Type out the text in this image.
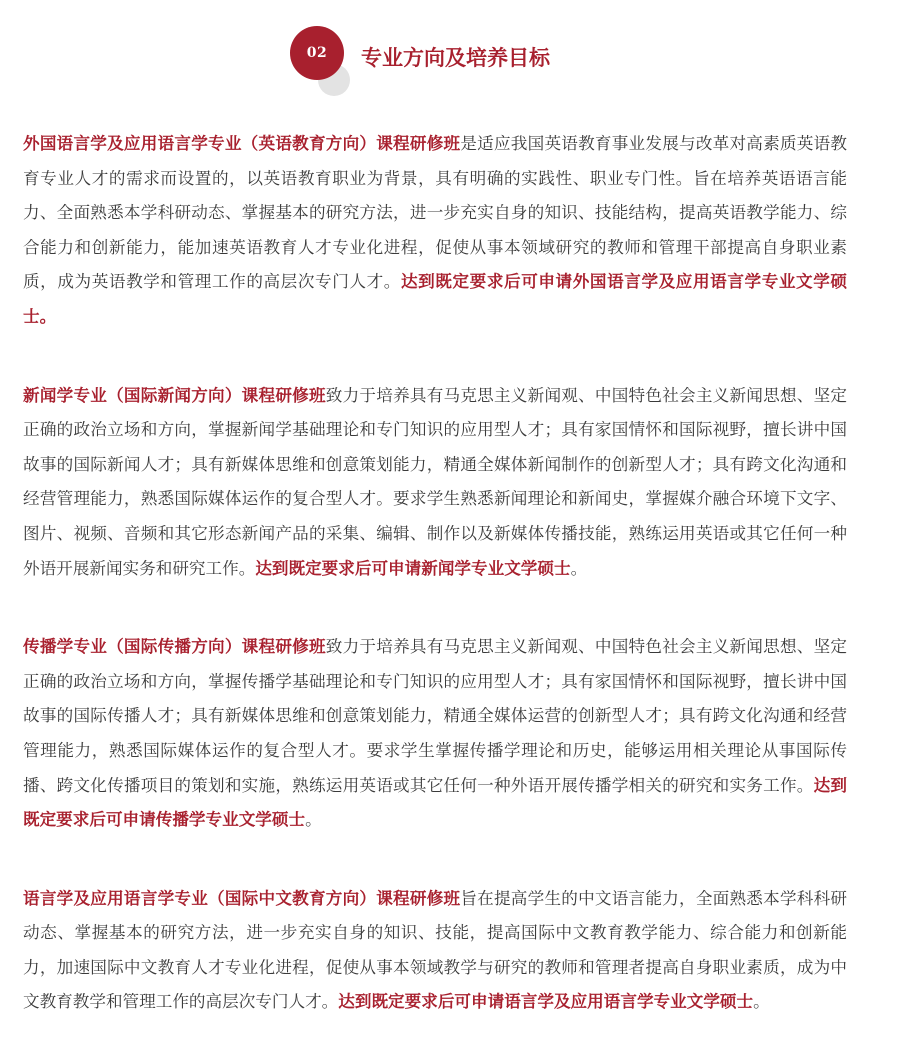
02	专业方向及培养目标

外国语言学及应用语言学专业（英语教育方向）课程研修班是适应我国英语教育事业发展与改革对高素质英语教育专业人才的需求而设置的，以英语教育职业为背景，具有明确的实践性、职业专门性。旨在培养英语语言能力、全面熟悉本学科研动态、掌握基本的研究方法，进一步充实自身的知识、技能结构，提高英语教学能力、综合能力和创新能力，能加速英语教育人才专业化进程，促使从事本领域研究的教师和管理干部提高自身职业素质，成为英语教学和管理工作的高层次专门人才。达到既定要求后可申请外国语言学及应用语言学专业文学硕士。

新闻学专业（国际新闻方向）课程研修班致力于培养具有马克思主义新闻观、中国特色社会主义新闻思想、坚定正确的政治立场和方向，掌握新闻学基础理论和专门知识的应用型人才；具有家国情怀和国际视野，擅长讲中国故事的国际新闻人才；具有新媒体思维和创意策划能力，精通全媒体新闻制作的创新型人才；具有跨文化沟通和经营管理能力，熟悉国际媒体运作的复合型人才。要求学生熟悉新闻理论和新闻史，掌握媒介融合环境下文字、图片、视频、音频和其它形态新闻产品的采集、编辑、制作以及新媒体传播技能，熟练运用英语或其它任何一种外语开展新闻实务和研究工作。达到既定要求后可申请新闻学专业文学硕士。

传播学专业（国际传播方向）课程研修班致力于培养具有马克思主义新闻观、中国特色社会主义新闻思想、坚定正确的政治立场和方向，掌握传播学基础理论和专门知识的应用型人才；具有家国情怀和国际视野，擅长讲中国故事的国际传播人才；具有新媒体思维和创意策划能力，精通全媒体运营的创新型人才；具有跨文化沟通和经营管理能力，熟悉国际媒体运作的复合型人才。要求学生掌握传播学理论和历史，能够运用相关理论从事国际传播、跨文化传播项目的策划和实施，熟练运用英语或其它任何一种外语开展传播学相关的研究和实务工作。达到既定要求后可申请传播学专业文学硕士。

语言学及应用语言学专业（国际中文教育方向）课程研修班旨在提高学生的中文语言能力，全面熟悉本学科科研动态、掌握基本的研究方法，进一步充实自身的知识、技能，提高国际中文教育教学能力、综合能力和创新能力，加速国际中文教育人才专业化进程，促使从事本领域教学与研究的教师和管理者提高自身职业素质，成为中文教育教学和管理工作的高层次专门人才。达到既定要求后可申请语言学及应用语言学专业文学硕士。
